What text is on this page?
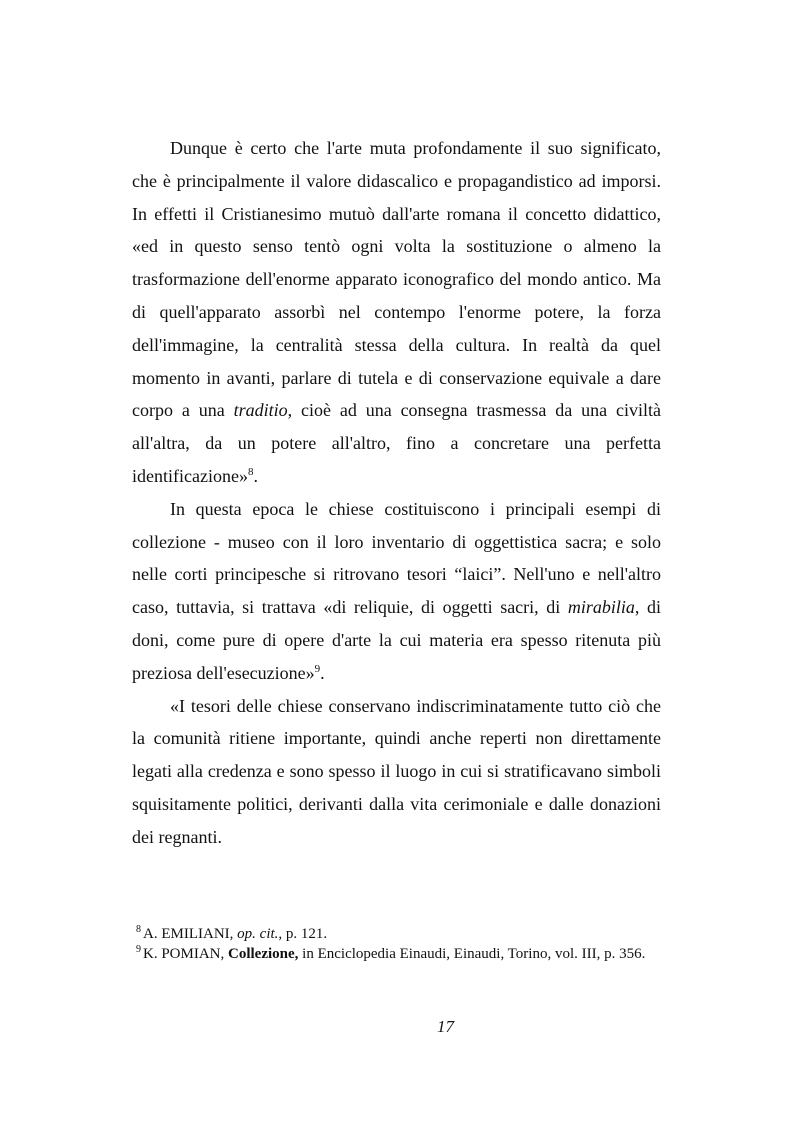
Dunque è certo che l'arte muta profondamente il suo significato, che è principalmente il valore didascalico e propagandistico ad imporsi. In effetti il Cristianesimo mutuò dall'arte romana il concetto didattico, «ed in questo senso tentò ogni volta la sostituzione o almeno la trasformazione dell'enorme apparato iconografico del mondo antico. Ma di quell'apparato assorbì nel contempo l'enorme potere, la forza dell'immagine, la centralità stessa della cultura. In realtà da quel momento in avanti, parlare di tutela e di conservazione equivale a dare corpo a una traditio, cioè ad una consegna trasmessa da una civiltà all'altra, da un potere all'altro, fino a concretare una perfetta identificazione»$^8$.

In questa epoca le chiese costituiscono i principali esempi di collezione - museo con il loro inventario di oggettistica sacra; e solo nelle corti principesche si ritrovano tesori “laici”. Nell'uno e nell'altro caso, tuttavia, si trattava «di reliquie, di oggetti sacri, di mirabilia, di doni, come pure di opere d'arte la cui materia era spesso ritenuta più preziosa dell'esecuzione»$^9$.

«I tesori delle chiese conservano indiscriminatamente tutto ciò che la comunità ritiene importante, quindi anche reperti non direttamente legati alla credenza e sono spesso il luogo in cui si stratificavano simboli squisitamente politici, derivanti dalla vita cerimoniale e dalle donazioni dei regnanti.

$^8$ A. EMILIANI, op. cit., p. 121.

$^9$ K. POMIAN, Collezione, in Enciclopedia Einaudi, Einaudi, Torino, vol. III, p. 356.

17
